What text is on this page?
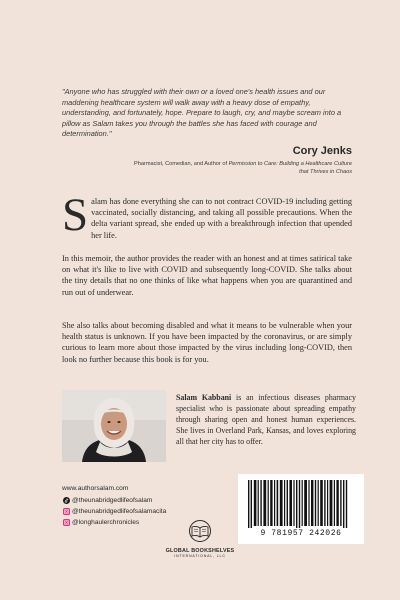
"Anyone who has struggled with their own or a loved one's health issues and our maddening healthcare system will walk away with a heavy dose of empathy, understanding, and fortunately, hope. Prepare to laugh, cry, and maybe scream into a pillow as Salam takes you through the battles she has faced with courage and determination."

Cory Jenks
Pharmacist, Comedian, and Author of Permission to Care: Building a Healthcare Culture that Thrives in Chaos

Salam has done everything she can to not contract COVID-19 including getting vaccinated, socially distancing, and taking all possible precautions. When the delta variant spread, she ended up with a breakthrough infection that upended her life.

In this memoir, the author provides the reader with an honest and at times satirical take on what it's like to live with COVID and subsequently long-COVID. She talks about the tiny details that no one thinks of like what happens when you are quarantined and run out of underwear.

She also talks about becoming disabled and what it means to be vulnerable when your health status is unknown. If you have been impacted by the coronavirus, or are simply curious to learn more about those impacted by the virus including long-COVID, then look no further because this book is for you.

Salam Kabbani is an infectious diseases pharmacy specialist who is passionate about spreading empathy through sharing open and honest human experiences. She lives in Overland Park, Kansas, and loves exploring all that her city has to offer.

www.authorsalam.com
@theunabridgedlifeofsalam
@theunabridgedlifeofsalamacita
@longhaulerchronicles
GLOBAL BOOKSHELVES
INTERNATIONAL, LLC
9 781957 242026
